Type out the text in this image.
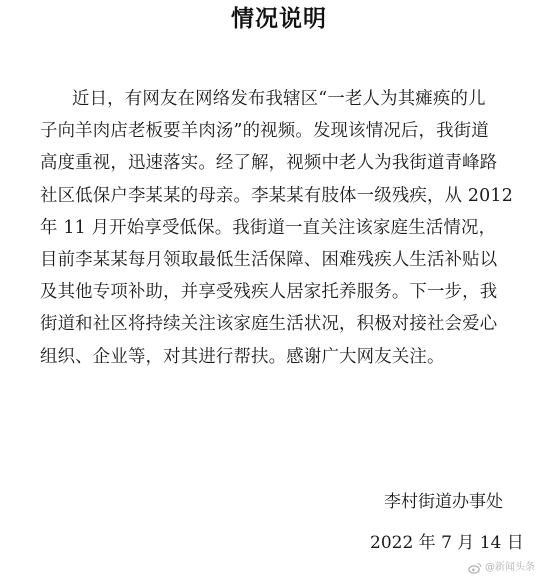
情况说明
近日，有网友在网络发布我辖区“一老人为其瘫痪的儿
子向羊肉店老板要羊肉汤”的视频。发现该情况后，我街道
高度重视，迅速落实。经了解，视频中老人为我街道青峰路
社区低保户李某某的母亲。李某某有肢体一级残疾，从 2012
年 11 月开始享受低保。我街道一直关注该家庭生活情况，
目前李某某每月领取最低生活保障、困难残疾人生活补贴以
及其他专项补助，并享受残疾人居家托养服务。下一步，我
街道和社区将持续关注该家庭生活状况，积极对接社会爱心
组织、企业等，对其进行帮扶。感谢广大网友关注。
李村街道办事处
2022 年 7 月 14 日
@新闻头条
